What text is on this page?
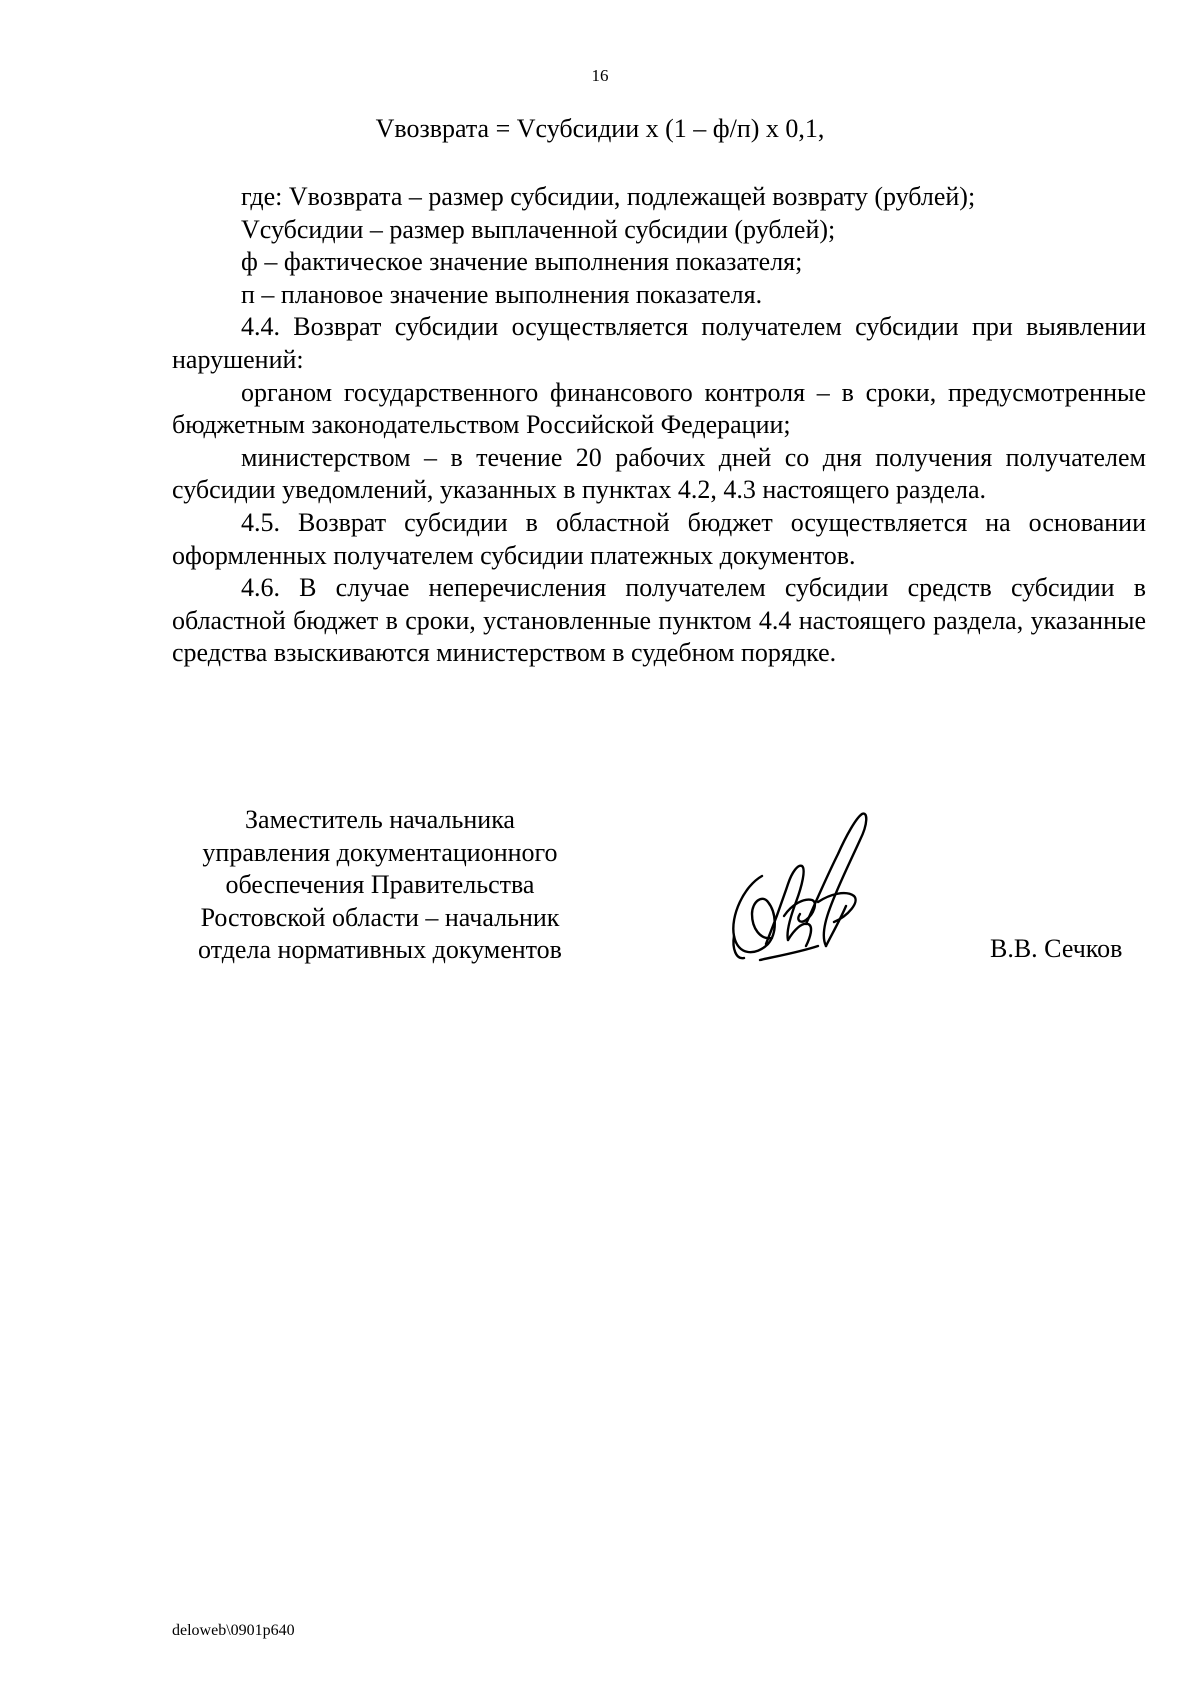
16
Vвозврата = Vсубсидии х (1 – ф/п) х 0,1,

где: Vвозврата – размер субсидии, подлежащей возврату (рублей);

Vсубсидии – размер выплаченной субсидии (рублей);

ф – фактическое значение выполнения показателя;

п – плановое значение выполнения показателя.

4.4. Возврат субсидии осуществляется получателем субсидии при выявлении нарушений:

органом государственного финансового контроля – в сроки, предусмотренные бюджетным законодательством Российской Федерации;

министерством – в течение 20 рабочих дней со дня получения получателем субсидии уведомлений, указанных в пунктах 4.2, 4.3 настоящего раздела.

4.5. Возврат субсидии в областной бюджет осуществляется на основании оформленных получателем субсидии платежных документов.

4.6. В случае неперечисления получателем субсидии средств субсидии в областной бюджет в сроки, установленные пунктом 4.4 настоящего раздела, указанные средства взыскиваются министерством в судебном порядке.

Заместитель начальника
управления документационного
обеспечения Правительства
Ростовской области – начальник
отдела нормативных документов	В.В. Сечков
deloweb\0901p640
